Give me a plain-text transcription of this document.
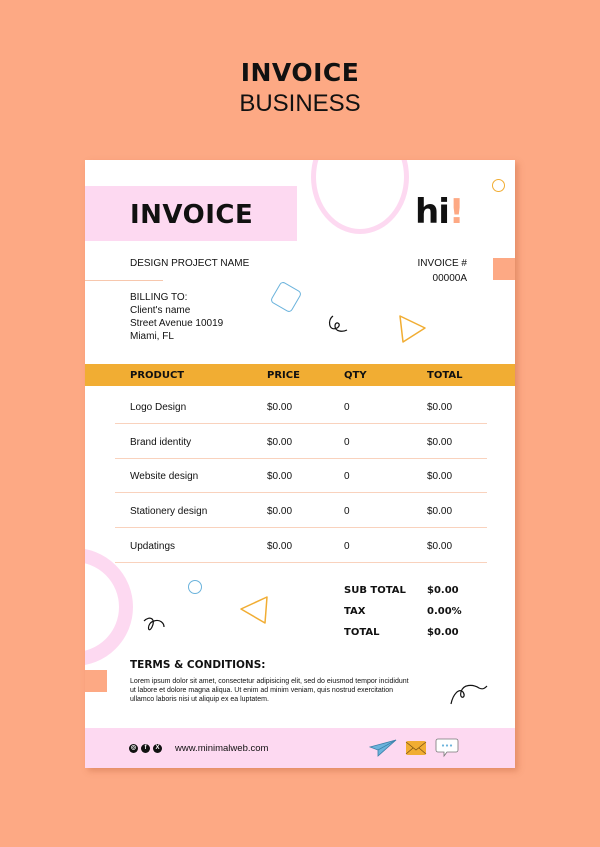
INVOICE
BUSINESS
INVOICE	hi!
DESIGN PROJECT NAME	INVOICE #
00000A
BILLING TO:
Client's name
Street Avenue 10019
Miami, FL
PRODUCT	PRICE	QTY	TOTAL
Logo Design	$0.00	0	$0.00
Brand identity	$0.00	0	$0.00
Website design	$0.00	0	$0.00
Stationery design	$0.00	0	$0.00
Updatings	$0.00	0	$0.00
SUB TOTAL $0.00
TAX	0.00%
TOTAL	$0.00
TERMS & CONDITIONS:
Lorem ipsum dolor sit amet, consectetur adipisicing elit, sed do eiusmod tempor incididunt ut labore et dolore magna aliqua. Ut enim ad minim veniam, quis nostrud exercitation ullamco laboris nisi ut aliquip ex ea luptatem.
◎	f	X www.minimalweb.com
